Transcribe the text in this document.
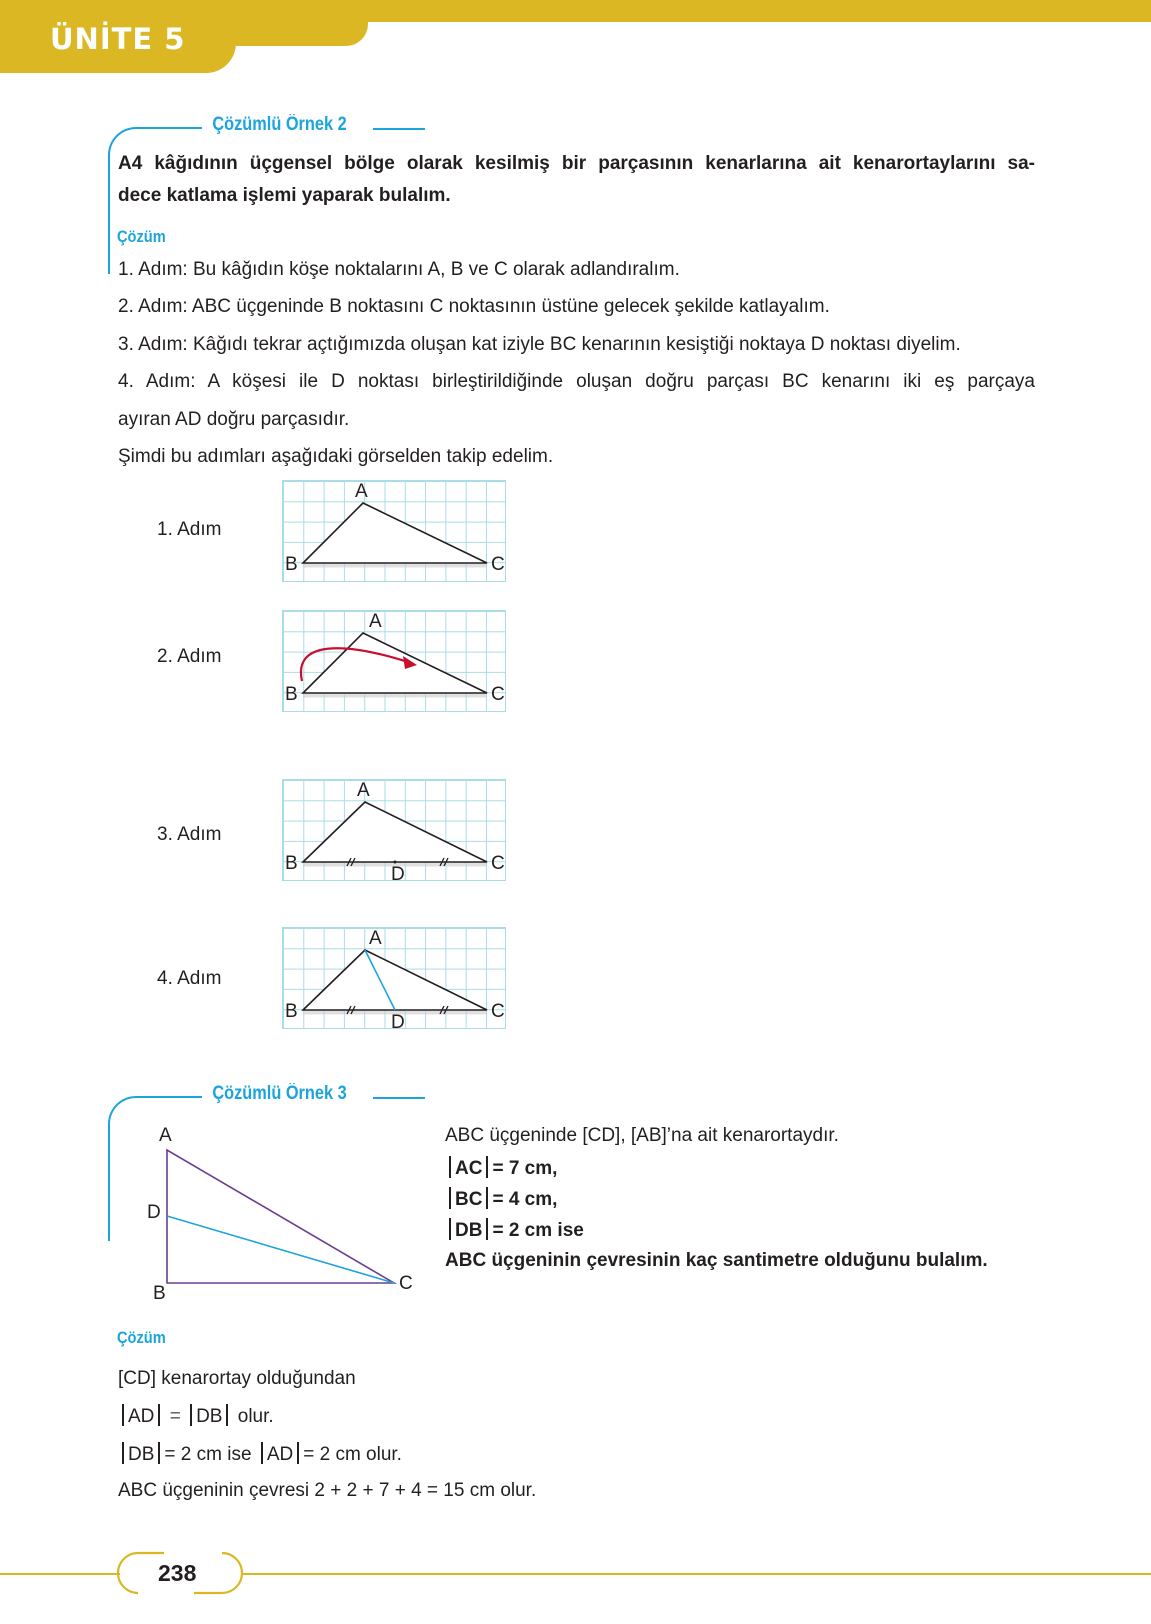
ÜNİTE 5
Çözümlü Örnek 2
A4 kâğıdının üçgensel bölge olarak kesilmiş bir parçasının kenarlarına ait kenarortaylarını sa-
dece katlama işlemi yaparak bulalım.
Çözüm
1. Adım: Bu kâğıdın köşe noktalarını A, B ve C olarak adlandıralım.
2. Adım: ABC üçgeninde B noktasını C noktasının üstüne gelecek şekilde katlayalım.
3. Adım: Kâğıdı tekrar açtığımızda oluşan kat iziyle BC kenarının kesiştiği noktaya D noktası diyelim.
4. Adım: A köşesi ile D noktası birleştirildiğinde oluşan doğru parçası BC kenarını iki eş parçaya
ayıran AD doğru parçasıdır.
Şimdi bu adımları aşağıdaki görselden takip edelim.
1. Adım
A
B	C
2. Adım
A
B	C
3. Adım
A
B	C
D
4. Adım
A
B	C
D
Çözümlü Örnek 3
A
D
B	C
ABC üçgeninde [CD], [AB]’na ait kenarortaydır.
AC = 7 cm,
BC = 4 cm,
DB = 2 cm ise
ABC üçgeninin çevresinin kaç santimetre olduğunu bulalım.
Çözüm
[CD] kenarortay olduğundan
AD = DB olur.
DB = 2 cm ise AD = 2 cm olur.
ABC üçgeninin çevresi 2 + 2 + 7 + 4 = 15 cm olur.
238
